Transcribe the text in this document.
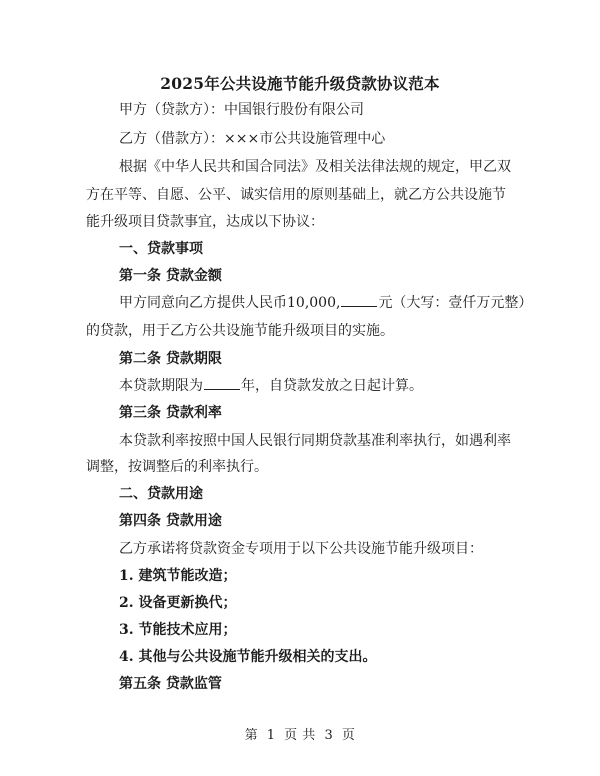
2025年公共设施节能升级贷款协议范本
甲方（贷款方）：中国银行股份有限公司
乙方（借款方）：×××市公共设施管理中心
根据《中华人民共和国合同法》及相关法律法规的规定，甲乙双
方在平等、自愿、公平、诚实信用的原则基础上，就乙方公共设施节
能升级项目贷款事宜，达成以下协议：
一、贷款事项
第一条 贷款金额
甲方同意向乙方提供人民币10,000,	元（大写：壹仟万元整）
的贷款，用于乙方公共设施节能升级项目的实施。
第二条 贷款期限
本贷款期限为	年，自贷款发放之日起计算。
第三条 贷款利率
本贷款利率按照中国人民银行同期贷款基准利率执行，如遇利率
调整，按调整后的利率执行。
二、贷款用途
第四条 贷款用途
乙方承诺将贷款资金专项用于以下公共设施节能升级项目：
1. 建筑节能改造；
2. 设备更新换代；
3. 节能技术应用；
4. 其他与公共设施节能升级相关的支出。
第五条 贷款监管
第 1 页 共 3 页
